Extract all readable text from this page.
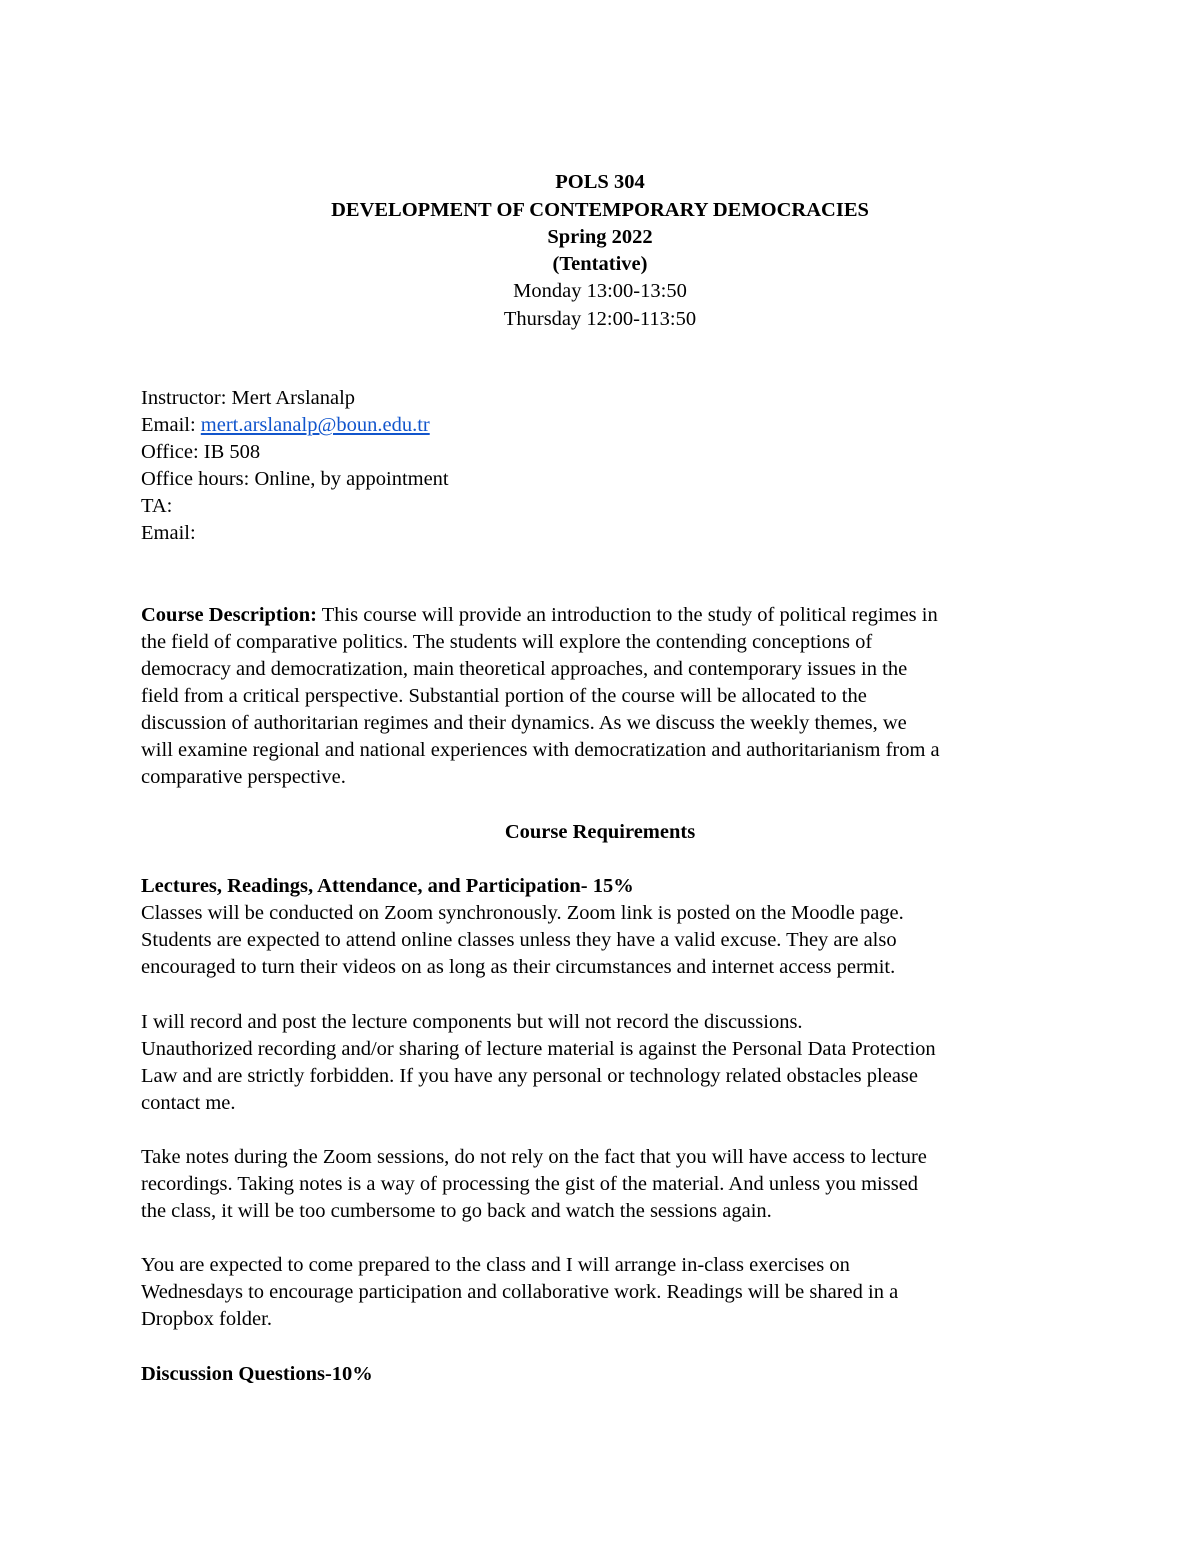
POLS 304
DEVELOPMENT OF CONTEMPORARY DEMOCRACIES
Spring 2022
(Tentative)
Monday 13:00-13:50
Thursday 12:00-113:50
Instructor: Mert Arslanalp
Email: mert.arslanalp@boun.edu.tr
Office: IB 508
Office hours: Online, by appointment
TA:
Email:
Course Description: This course will provide an introduction to the study of political regimes in
the field of comparative politics. The students will explore the contending conceptions of
democracy and democratization, main theoretical approaches, and contemporary issues in the
field from a critical perspective. Substantial portion of the course will be allocated to the
discussion of authoritarian regimes and their dynamics. As we discuss the weekly themes, we
will examine regional and national experiences with democratization and authoritarianism from a
comparative perspective.
Course Requirements
Lectures, Readings, Attendance, and Participation- 15%
Classes will be conducted on Zoom synchronously. Zoom link is posted on the Moodle page.
Students are expected to attend online classes unless they have a valid excuse. They are also
encouraged to turn their videos on as long as their circumstances and internet access permit.
I will record and post the lecture components but will not record the discussions.
Unauthorized recording and/or sharing of lecture material is against the Personal Data Protection
Law and are strictly forbidden. If you have any personal or technology related obstacles please
contact me.
Take notes during the Zoom sessions, do not rely on the fact that you will have access to lecture
recordings. Taking notes is a way of processing the gist of the material. And unless you missed
the class, it will be too cumbersome to go back and watch the sessions again.
You are expected to come prepared to the class and I will arrange in-class exercises on
Wednesdays to encourage participation and collaborative work. Readings will be shared in a
Dropbox folder.
Discussion Questions-10%
